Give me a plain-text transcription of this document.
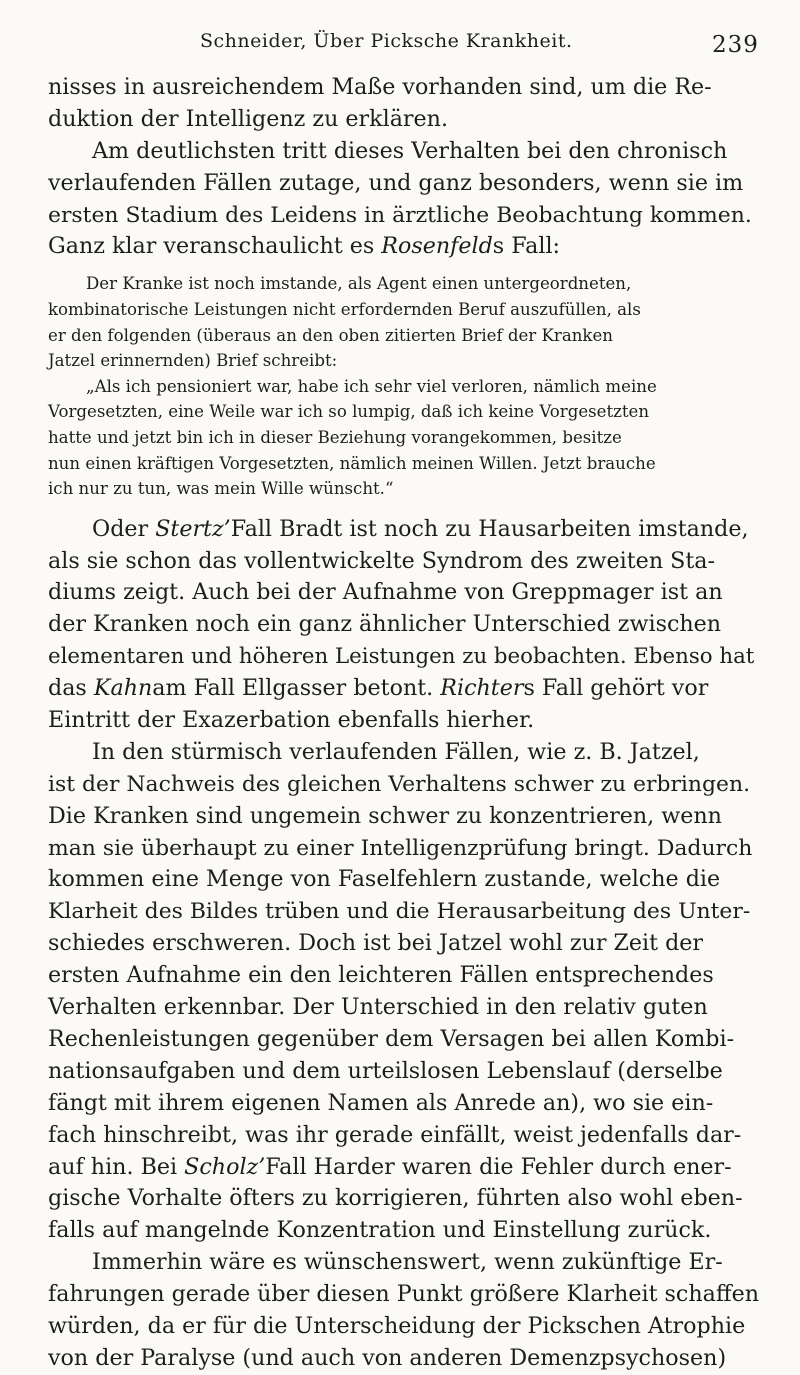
Schneider, Über Picksche Krankheit.	239
nisses in ausreichendem Maße vorhanden sind, um die Re-
duktion der Intelligenz zu erklären.
Am deutlichsten tritt dieses Verhalten bei den chronisch
verlaufenden Fällen zutage, und ganz besonders, wenn sie im
ersten Stadium des Leidens in ärztliche Beobachtung kommen.
Ganz klar veranschaulicht es
Rosenfeld s Fall:
Der Kranke ist noch imstande, als Agent einen untergeordneten,
kombinatorische Leistungen nicht erfordernden Beruf auszufüllen, als
er den folgenden (überaus an den oben zitierten Brief der Kranken
Jatzel erinnernden) Brief schreibt:
„Als ich pensioniert war, habe ich sehr viel verloren, nämlich meine
Vorgesetzten, eine Weile war ich so lumpig, daß ich keine Vorgesetzten
hatte und jetzt bin ich in dieser Beziehung vorangekommen, besitze
nun einen kräftigen Vorgesetzten, nämlich meinen Willen. Jetzt brauche
ich nur zu tun, was mein Wille wünscht.“
Oder
Stertz’ Fall Bradt ist noch zu Hausarbeiten imstande,
als sie schon das vollentwickelte Syndrom des zweiten Sta-
diums zeigt. Auch bei der Aufnahme von Greppmager ist an
der Kranken noch ein ganz ähnlicher Unterschied zwischen
elementaren und höheren Leistungen zu beobachten. Ebenso hat
das
Kahn am Fall Ellgasser betont.
Richter s Fall gehört vor
Eintritt der Exazerbation ebenfalls hierher.
In den stürmisch verlaufenden Fällen, wie z. B. Jatzel,
ist der Nachweis des gleichen Verhaltens schwer zu erbringen.
Die Kranken sind ungemein schwer zu konzentrieren, wenn
man sie überhaupt zu einer Intelligenzprüfung bringt. Dadurch
kommen eine Menge von Faselfehlern zustande, welche die
Klarheit des Bildes trüben und die Herausarbeitung des Unter-
schiedes erschweren. Doch ist bei Jatzel wohl zur Zeit der
ersten Aufnahme ein den leichteren Fällen entsprechendes
Verhalten erkennbar. Der Unterschied in den relativ guten
Rechenleistungen gegenüber dem Versagen bei allen Kombi-
nationsaufgaben und dem urteilslosen Lebenslauf (derselbe
fängt mit ihrem eigenen Namen als Anrede an), wo sie ein-
fach hinschreibt, was ihr gerade einfällt, weist jedenfalls dar-
auf hin. Bei
Scholz’ Fall Harder waren die Fehler durch ener-
gische Vorhalte öfters zu korrigieren, führten also wohl eben-
falls auf mangelnde Konzentration und Einstellung zurück.
Immerhin wäre es wünschenswert, wenn zukünftige Er-
fahrungen gerade über diesen Punkt größere Klarheit schaffen
würden, da er für die Unterscheidung der Pickschen Atrophie
von der Paralyse (und auch von anderen Demenzpsychosen)
